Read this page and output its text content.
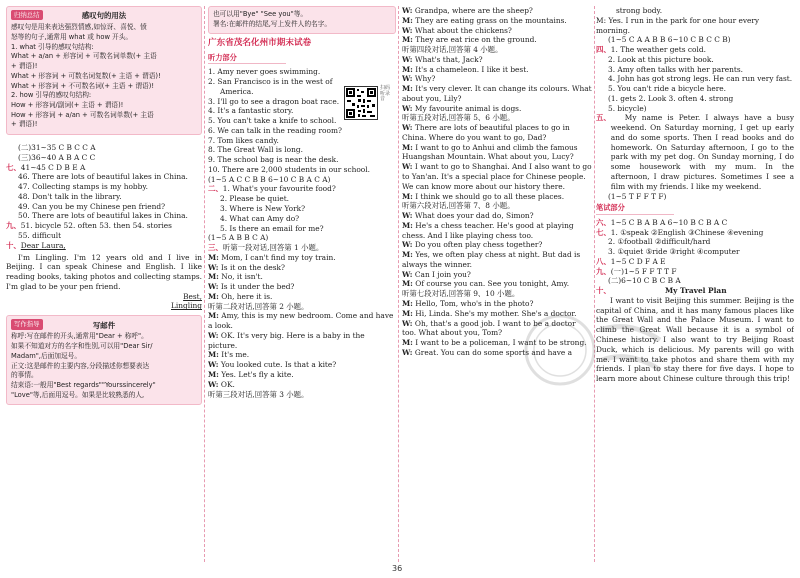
归纳总结	感叹句的用法

感叹句是用来表达强烈情感,如惊讶、喜悦、愤

怒等的句子,通常用 what 或 how 开头。

1. what 引导的感叹句结构:

What + a/an + 形容词 + 可数名词单数(+ 主语

+ 谓语)!

What + 形容词 + 可数名词复数(+ 主语 + 谓语)!

What + 形容词 + 不可数名词(+ 主语 + 谓语)!

2. how 引导的感叹句结构:

How + 形容词/副词(+ 主语 + 谓语)!

How + 形容词 + a/an + 可数名词单数(+ 主语

+ 谓语)!

(二)31~35 C B C C A
(三)36~40 A B A C C
七、41~45 C D B E A
46. There are lots of beautiful lakes in China.
47. Collecting stamps is my hobby.
48. Don't talk in the library.
49. Can you be my Chinese pen friend?
50. There are lots of beautiful lakes in China.
九、51. bicycle 52. often 53. then 54. stories
55. difficult
十、Dear Laura,

I'm Lingling. I'm 12 years old and I live in Beijing. I can speak Chinese and English. I like reading books, taking photos and collecting stamps. I'm glad to be your pen friend.

Best,
Lingling
写作指导	写邮件

称呼:写在邮件的开头,通常用"Dear + 称呼"。

如果不知道对方的名字和性别,可以用"Dear Sir/

Madam",后面加逗号。

正文:这是邮件的主要内容,分段描述你想要表达

的事情。

结束语:一般用"Best regards""Yourssincerely"

"Love"等,后面用逗号。如果是比较熟悉的人,

也可以用"Bye" "See you"等。

署名:在邮件的结尾,写上发件人的名字。

广东省茂名化州市期末试卷
听力部分
1. Amy never goes swimming.
2. San Francisco is in the west of
America.
3. I'll go to see a dragon boat race.
4. It's a fantastic story.
5. You can't take a knife to school.
6. We can talk in the reading room?
7. Tom likes candy.
8. The Great Wall is long.
9. The school bag is near the desk.
10. There are 2,000 students in our school.
(1~5 A C C B B 6~10 C B A C A)
二、1. What's your favourite food?
2. Please be quiet.
3. Where is New York?
4. What can Amy do?
5. Is there an email for me?
(1~5 A B B C A)
三、听第一段对话,回答第 1 小题。
M: Mom, I can't find my toy train.
W: Is it on the desk?
M: No, it isn't.
W: Is it under the bed?
M: Oh, here it is.
听第二段对话,回答第 2 小题。
M: Amy, this is my new bedroom. Come and have a look.
W: OK. It's very big. Here is a baby in the picture.
M: It's me.
W: You looked cute. Is that a kite?
M: Yes. Let's fly a kite.
W: OK.
听第三段对话,回答第 3 小题。
扫码听录音
W: Grandpa, where are the sheep?
M: They are eating grass on the mountains.
W: What about the chickens?
M: They are eat rice on the ground.
听第四段对话,回答第 4 小题。
W: What's that, Jack?
M: It's a chameleon. I like it best.
W: Why?
M: It's very clever. It can change its colours. What about you, Lily?
W: My favourite animal is dogs.
听第五段对话,回答第 5、6 小题。
W: There are lots of beautiful places to go in China. Where do you want to go, Dad?
M: I want to go to Anhui and climb the famous Huangshan Mountain. What about you, Lucy?
W: I want to go to Shanghai. And I also want to go to Yan'an. It's a special place for Chinese people. We can know more about our history there.
M: I think we should go to all these places.
听第六段对话,回答第 7、8 小题。
W: What does your dad do, Simon?
M: He's a chess teacher. He's good at playing chess. And I like playing chess too.
W: Do you often play chess together?
M: Yes, we often play chess at night. But dad is always the winner.
W: Can I join you?
M: Of course you can. See you tonight, Amy.
听第七段对话,回答第 9、10 小题。
M: Hello, Tom, who's in the photo?
M: Hi, Linda. She's my mother. She's a doctor.
W: Oh, that's a good job. I want to be a doctor too. What about you, Tom?
M: I want to be a policeman, I want to be strong.
W: Great. You can do some sports and have a
strong body.
M: Yes. I run in the park for one hour every morning.
(1~5 C A A B B 6~10 C B C C B)
四、1. The weather gets cold.
2. Look at this picture book.
3. Amy often talks with her parents.
4. John has got strong legs. He can run very fast.
5. You can't ride a bicycle here.
(1. gets 2. Look 3. often 4. strong
5. bicycle)
五、	My name is Peter. I always have a busy weekend. On Saturday morning, I get up early and do some sports. Then I read books and do homework. On Saturday afternoon, I go to the park with my pet dog. On Sunday morning, I do some housework with my mum. In the afternoon, I draw pictures. Sometimes I see a film with my friends. I like my weekend.

(1~5 T F F T F)
笔试部分
六、1~5 C B A B A 6~10 B C B A C
七、1. ①speak ②English ③Chinese ④evening
2. ①football ②difficult/hard
3. ①quiet ⑤ride ③right ④computer
八、1~5 C D F A E
九、(一)1~5 F F T T F
(二)6~10 C B C B A
十、	My Travel Plan

I want to visit Beijing this summer. Beijing is the capital of China, and it has many famous places like the Great Wall and the Palace Museum. I want to climb the Great Wall because it is a symbol of Chinese history. I also want to try Beijing Roast Duck, which is delicious. My parents will go with me. I want to take photos and share them with my friends. I plan to stay there for five days. I hope to learn more about Chinese culture through this trip!

36
